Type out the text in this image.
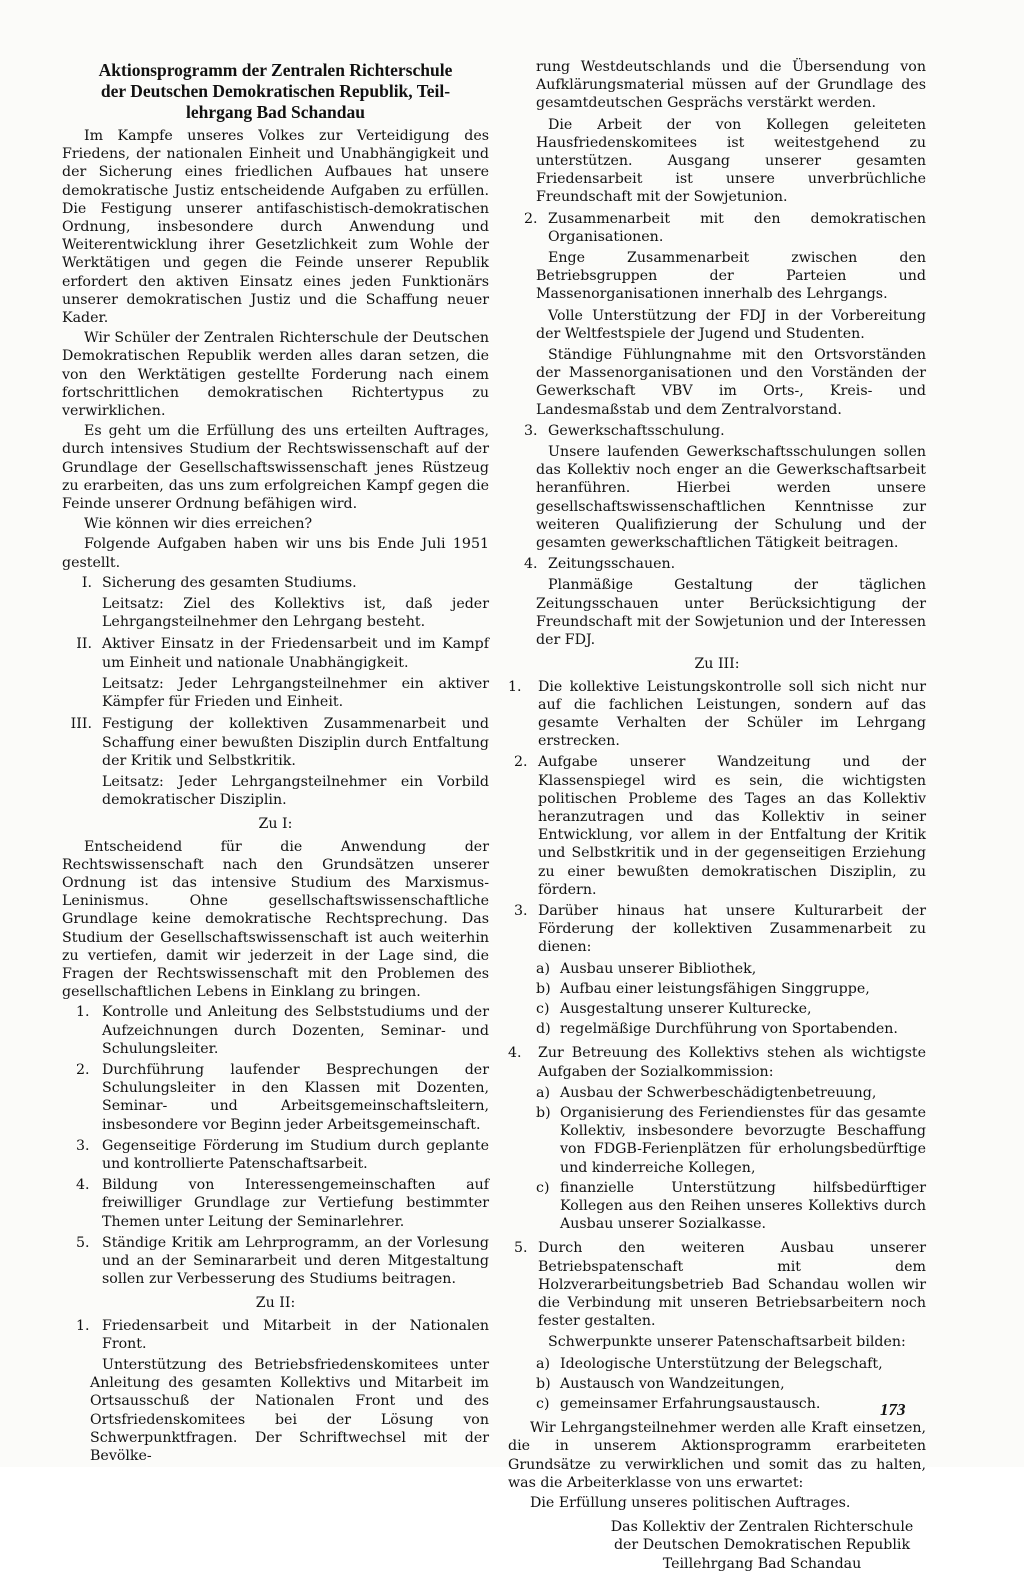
Aktionsprogramm der Zentralen Richterschule
der Deutschen Demokratischen Republik, Teil-
lehrgang Bad Schandau

Im Kampfe unseres Volkes zur Verteidigung des Friedens, der nationalen Einheit und Unabhängigkeit und der Sicherung eines friedlichen Aufbaues hat unsere demokratische Justiz entscheidende Aufgaben zu erfüllen. Die Festigung unserer antifaschistisch-demokratischen Ordnung, insbesondere durch Anwendung und Weiterentwicklung ihrer Gesetzlichkeit zum Wohle der Werktätigen und gegen die Feinde unserer Republik erfordert den aktiven Einsatz eines jeden Funktionärs unserer demokratischen Justiz und die Schaffung neuer Kader.

Wir Schüler der Zentralen Richterschule der Deutschen Demokratischen Republik werden alles daran setzen, die von den Werktätigen gestellte Forderung nach einem fortschrittlichen demokratischen Richtertypus zu verwirklichen.

Es geht um die Erfüllung des uns erteilten Auftrages, durch intensives Studium der Rechtswissenschaft auf der Grundlage der Gesellschaftswissenschaft jenes Rüstzeug zu erarbeiten, das uns zum erfolgreichen Kampf gegen die Feinde unserer Ordnung befähigen wird.

Wie können wir dies erreichen?

Folgende Aufgaben haben wir uns bis Ende Juli 1951 gestellt.

I. Sicherung des gesamten Studiums.

Leitsatz: Ziel des Kollektivs ist, daß jeder Lehrgangsteilnehmer den Lehrgang besteht.

II. Aktiver Einsatz in der Friedensarbeit und im Kampf um Einheit und nationale Unabhängigkeit.

Leitsatz: Jeder Lehrgangsteilnehmer ein aktiver Kämpfer für Frieden und Einheit.

III. Festigung der kollektiven Zusammenarbeit und Schaffung einer bewußten Disziplin durch Entfaltung der Kritik und Selbstkritik.

Leitsatz: Jeder Lehrgangsteilnehmer ein Vorbild demokratischer Disziplin.

Zu I:

Entscheidend für die Anwendung der Rechtswissenschaft nach den Grundsätzen unserer Ordnung ist das intensive Studium des Marxismus-Leninismus. Ohne gesellschaftswissenschaftliche Grundlage keine demokratische Rechtsprechung. Das Studium der Gesellschaftswissenschaft ist auch weiterhin zu vertiefen, damit wir jederzeit in der Lage sind, die Fragen der Rechtswissenschaft mit den Problemen des gesellschaftlichen Lebens in Einklang zu bringen.

1. Kontrolle und Anleitung des Selbststudiums und der Aufzeichnungen durch Dozenten, Seminar- und Schulungsleiter.
2. Durchführung laufender Besprechungen der Schulungsleiter in den Klassen mit Dozenten, Seminar- und Arbeitsgemeinschaftsleitern, insbesondere vor Beginn jeder Arbeitsgemeinschaft.
3. Gegenseitige Förderung im Studium durch geplante und kontrollierte Patenschaftsarbeit.
4. Bildung von Interessengemeinschaften auf freiwilliger Grundlage zur Vertiefung bestimmter Themen unter Leitung der Seminarlehrer.
5. Ständige Kritik am Lehrprogramm, an der Vorlesung und an der Seminararbeit und deren Mitgestaltung sollen zur Verbesserung des Studiums beitragen.
Zu II:
1. Friedensarbeit und Mitarbeit in der Nationalen Front.

Unterstützung des Betriebsfriedenskomitees unter Anleitung des gesamten Kollektivs und Mitarbeit im Ortsausschuß der Nationalen Front und des Ortsfriedenskomitees bei der Lösung von Schwerpunktfragen. Der Schriftwechsel mit der Bevölke-

rung Westdeutschlands und die Übersendung von Aufklärungsmaterial müssen auf der Grundlage des gesamtdeutschen Gesprächs verstärkt werden.

Die Arbeit der von Kollegen geleiteten Hausfriedenskomitees ist weitestgehend zu unterstützen. Ausgang unserer gesamten Friedensarbeit ist unsere unverbrüchliche Freundschaft mit der Sowjetunion.

2. Zusammenarbeit mit den demokratischen Organisationen.

Enge Zusammenarbeit zwischen den Betriebsgruppen der Parteien und Massenorganisationen innerhalb des Lehrgangs.

Volle Unterstützung der FDJ in der Vorbereitung der Weltfestspiele der Jugend und Studenten.

Ständige Fühlungnahme mit den Ortsvorständen der Massenorganisationen und den Vorständen der Gewerkschaft VBV im Orts-, Kreis- und Landesmaßstab und dem Zentralvorstand.

3. Gewerkschaftsschulung.

Unsere laufenden Gewerkschaftsschulungen sollen das Kollektiv noch enger an die Gewerkschaftsarbeit heranführen. Hierbei werden unsere gesellschaftswissenschaftlichen Kenntnisse zur weiteren Qualifizierung der Schulung und der gesamten gewerkschaftlichen Tätigkeit beitragen.

4. Zeitungsschauen.

Planmäßige Gestaltung der täglichen Zeitungsschauen unter Berücksichtigung der Freundschaft mit der Sowjetunion und der Interessen der FDJ.

Zu III:
1. Die kollektive Leistungskontrolle soll sich nicht nur auf die fachlichen Leistungen, sondern auf das gesamte Verhalten der Schüler im Lehrgang erstrecken.
2. Aufgabe unserer Wandzeitung und der Klassenspiegel wird es sein, die wichtigsten politischen Probleme des Tages an das Kollektiv heranzutragen und das Kollektiv in seiner Entwicklung, vor allem in der Entfaltung der Kritik und Selbstkritik und in der gegenseitigen Erziehung zu einer bewußten demokratischen Disziplin, zu fördern.
3. Darüber hinaus hat unsere Kulturarbeit der Förderung der kollektiven Zusammenarbeit zu dienen:
a) Ausbau unserer Bibliothek,
b) Aufbau einer leistungsfähigen Singgruppe,
c) Ausgestaltung unserer Kulturecke,
d) regelmäßige Durchführung von Sportabenden.
4. Zur Betreuung des Kollektivs stehen als wichtigste Aufgaben der Sozialkommission:
a) Ausbau der Schwerbeschädigtenbetreuung,
b) Organisierung des Feriendienstes für das gesamte Kollektiv, insbesondere bevorzugte Beschaffung von FDGB-Ferienplätzen für erholungsbedürftige und kinderreiche Kollegen,
c) finanzielle Unterstützung hilfsbedürftiger Kollegen aus den Reihen unseres Kollektivs durch Ausbau unserer Sozialkasse.
5. Durch den weiteren Ausbau unserer Betriebspatenschaft mit dem Holzverarbeitungsbetrieb Bad Schandau wollen wir die Verbindung mit unseren Betriebsarbeitern noch fester gestalten.

Schwerpunkte unserer Patenschaftsarbeit bilden:

a) Ideologische Unterstützung der Belegschaft,
b) Austausch von Wandzeitungen,
c) gemeinsamer Erfahrungsaustausch.

Wir Lehrgangsteilnehmer werden alle Kraft einsetzen, die in unserem Aktionsprogramm erarbeiteten Grundsätze zu verwirklichen und somit das zu halten, was die Arbeiterklasse von uns erwartet:

Die Erfüllung unseres politischen Auftrages.

Das Kollektiv der Zentralen Richterschule
der Deutschen Demokratischen Republik
Teillehrgang Bad Schandau
173
